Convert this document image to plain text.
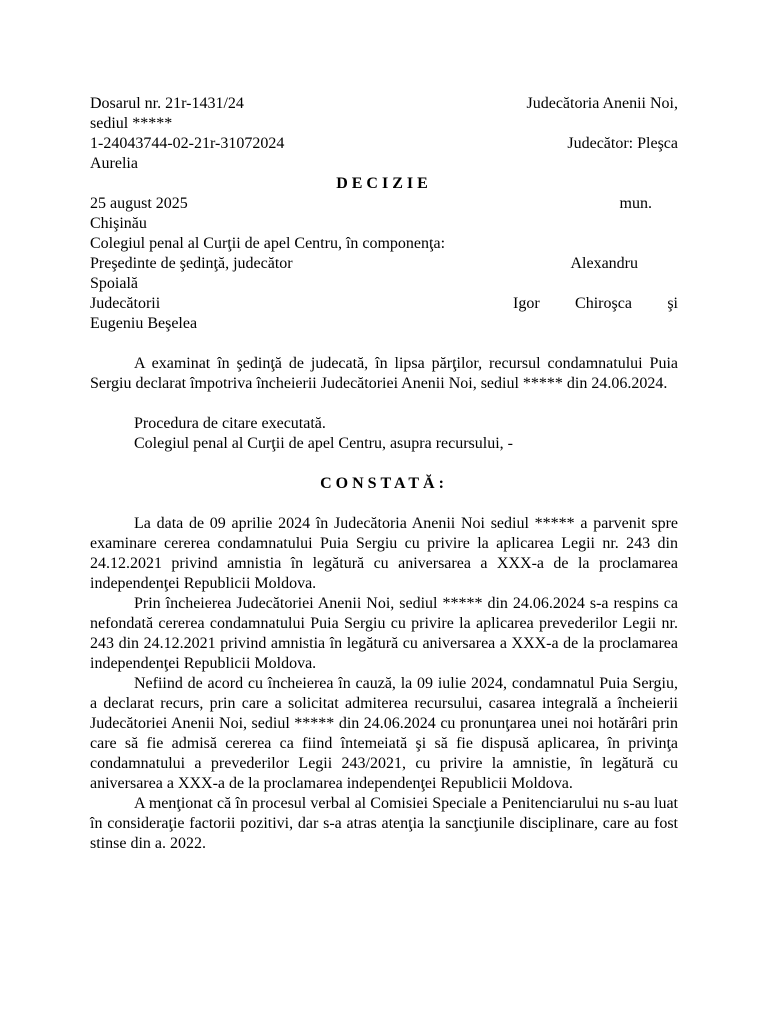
Dosarul nr. 21r-1431/24	Judecătoria Anenii Noi,
sediul *****
1-24043744-02-21r-31072024	Judecător: Pleşca
Aurelia
DECIZIE
25 august 2025	mun.
Chişinău
Colegiul penal al Curţii de apel Centru, în componenţa:
Preşedinte de şedinţă, judecător	Alexandru
Spoială
Judecătorii	Igor Chiroşca şi
Eugeniu Beşelea

A examinat în şedinţă de judecată, în lipsa părţilor, recursul condamnatului Puia Sergiu declarat împotriva încheierii Judecătoriei Anenii Noi, sediul ***** din 24.06.2024.

Procedura de citare executată.
Colegiul penal al Curţii de apel Centru, asupra recursului, -
CONSTATĂ:

La data de 09 aprilie 2024 în Judecătoria Anenii Noi sediul ***** a parvenit spre examinare cererea condamnatului Puia Sergiu cu privire la aplicarea Legii nr. 243 din 24.12.2021 privind amnistia în legătură cu aniversarea a XXX-a de la proclamarea independenţei Republicii Moldova.

Prin încheierea Judecătoriei Anenii Noi, sediul ***** din 24.06.2024 s-a respins ca nefondată cererea condamnatului Puia Sergiu cu privire la aplicarea prevederilor Legii nr. 243 din 24.12.2021 privind amnistia în legătură cu aniversarea a XXX-a de la proclamarea independenţei Republicii Moldova.

Nefiind de acord cu încheierea în cauză, la 09 iulie 2024, condamnatul Puia Sergiu, a declarat recurs, prin care a solicitat admiterea recursului, casarea integrală a încheierii Judecătoriei Anenii Noi, sediul ***** din 24.06.2024 cu pronunţarea unei noi hotărâri prin care să fie admisă cererea ca fiind întemeiată şi să fie dispusă aplicarea, în privinţa condamnatului a prevederilor Legii 243/2021, cu privire la amnistie, în legătură cu aniversarea a XXX-a de la proclamarea independenţei Republicii Moldova.

A menţionat că în procesul verbal al Comisiei Speciale a Penitenciarului nu s-au luat în consideraţie factorii pozitivi, dar s-a atras atenţia la sancţiunile disciplinare, care au fost stinse din a. 2022.
